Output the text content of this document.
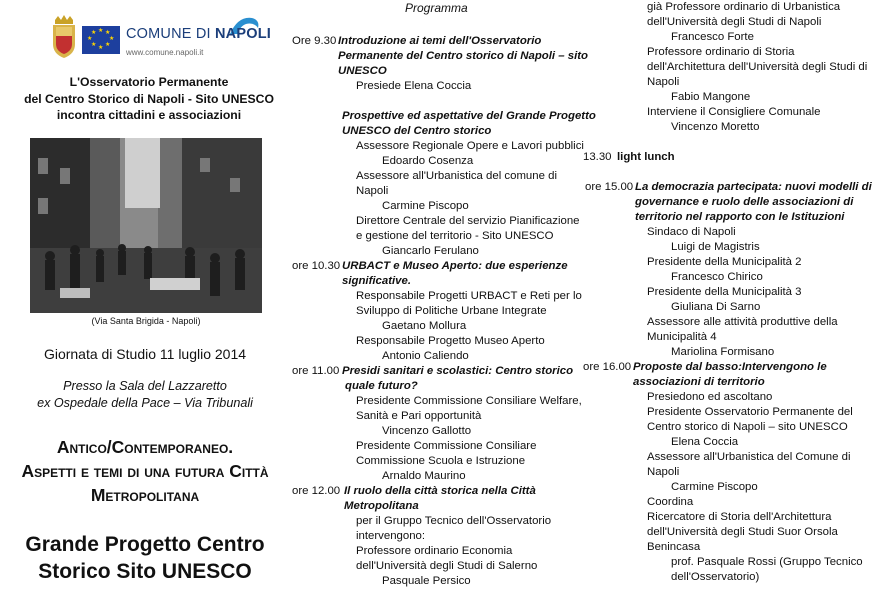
★ ★
★
★
★
★
★
★ COMUNE DI NAPOLI
www.comune.napoli.it
L'Osservatorio Permanente
del Centro Storico di Napoli - Sito UNESCO
incontra cittadini e associazioni
(Via Santa Brigida - Napoli)
Giornata di Studio 11 luglio 2014
Presso la Sala del Lazzaretto
ex Ospedale della Pace – Via Tribunali
Antico/Contemporaneo.
Aspetti e temi di una futura Città
Metropolitana
Grande Progetto Centro
Storico Sito UNESCO
Programma
Ore 9.30 Introduzione ai temi dell'Osservatorio
Permanente del Centro storico di Napoli – sito
UNESCO
Presiede Elena Coccia
Prospettive ed aspettative del Grande Progetto
UNESCO del Centro storico
Assessore Regionale Opere e Lavori pubblici
Edoardo Cosenza
Assessore all'Urbanistica del comune di
Napoli
Carmine Piscopo
Direttore Centrale del servizio Pianificazione
e gestione del territorio - Sito UNESCO
Giancarlo Ferulano
ore 10.30 URBACT e Museo Aperto: due esperienze
significative.
Responsabile Progetti URBACT e Reti per lo
Sviluppo di Politiche Urbane Integrate
Gaetano Mollura
Responsabile Progetto Museo Aperto
Antonio Caliendo
ore 11.00 Presidi sanitari e scolastici: Centro storico
quale futuro?
Presidente Commissione Consiliare Welfare,
Sanità e Pari opportunità
Vincenzo Gallotto
Presidente Commissione Consiliare
Commissione Scuola e Istruzione
Arnaldo Maurino
ore 12.00 Il ruolo della città storica nella Città
Metropolitana
per il Gruppo Tecnico dell'Osservatorio
intervengono:
Professore ordinario Economia
dell'Università degli Studi di Salerno
Pasquale Persico
già Professore ordinario di Urbanistica
dell'Università degli Studi di Napoli
Francesco Forte
Professore ordinario di Storia
dell'Architettura dell'Università degli Studi di
Napoli
Fabio Mangone
Interviene il Consigliere Comunale
Vincenzo Moretto
13.30 light lunch
ore 15.00 La democrazia partecipata: nuovi modelli di
governance e ruolo delle associazioni di
territorio nel rapporto con le Istituzioni
Sindaco di Napoli
Luigi de Magistris
Presidente della Municipalità 2
Francesco Chirico
Presidente della Municipalità 3
Giuliana Di Sarno
Assessore alle attività produttive della
Municipalità 4
Mariolina Formisano
ore 16.00 Proposte dal basso:Intervengono le
associazioni di territorio
Presiedono ed ascoltano
Presidente Osservatorio Permanente del
Centro storico di Napoli – sito UNESCO
Elena Coccia
Assessore all'Urbanistica del Comune di
Napoli
Carmine Piscopo
Coordina
Ricercatore di Storia dell'Architettura
dell'Università degli Studi Suor Orsola
Benincasa
prof. Pasquale Rossi (Gruppo Tecnico
dell'Osservatorio)
